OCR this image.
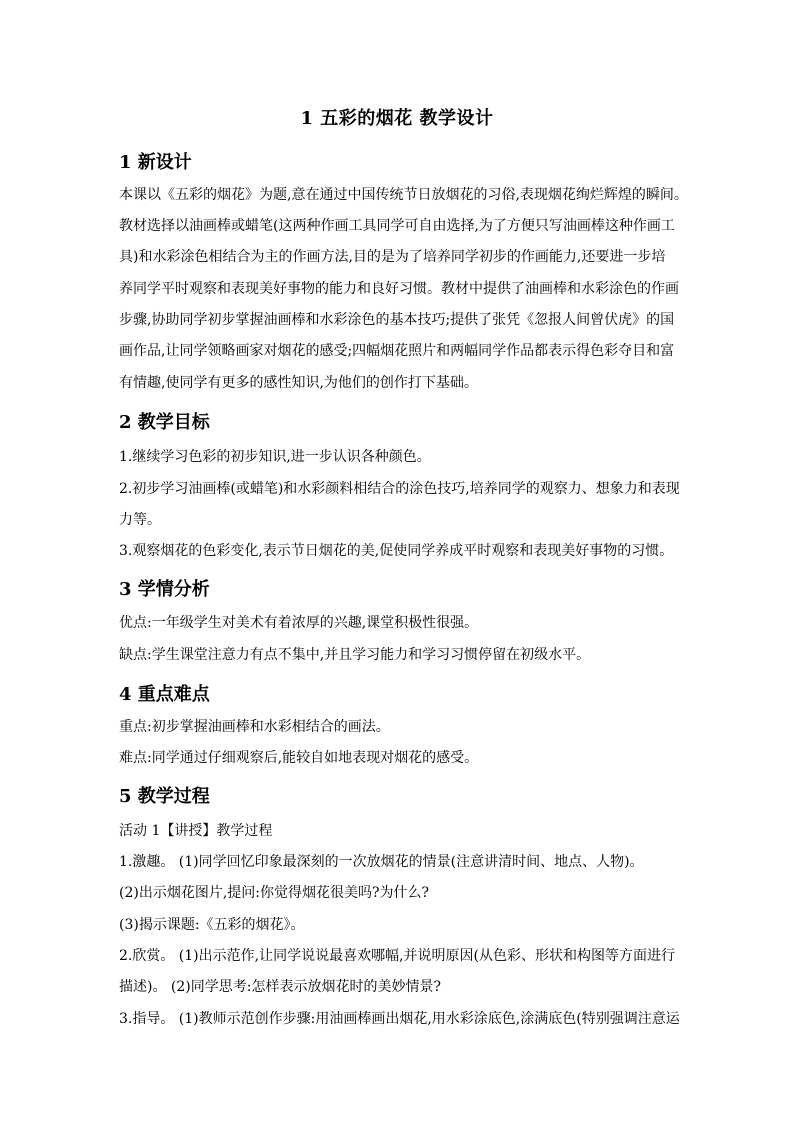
1 五彩的烟花 教学设计
1 新设计
本课以《五彩的烟花》为题,意在通过中国传统节日放烟花的习俗,表现烟花绚烂辉煌的瞬间。
教材选择以油画棒或蜡笔(这两种作画工具同学可自由选择,为了方便只写油画棒这种作画工
具)和水彩涂色相结合为主的作画方法,目的是为了培养同学初步的作画能力,还要进一步培
养同学平时观察和表现美好事物的能力和良好习惯。教材中提供了油画棒和水彩涂色的作画
步骤,协助同学初步掌握油画棒和水彩涂色的基本技巧;提供了张凭《忽报人间曾伏虎》的国
画作品,让同学领略画家对烟花的感受;四幅烟花照片和两幅同学作品都表示得色彩夺目和富
有情趣,使同学有更多的感性知识,为他们的创作打下基础。
2 教学目标
1.继续学习色彩的初步知识,进一步认识各种颜色。
2.初步学习油画棒(或蜡笔)和水彩颜料相结合的涂色技巧,培养同学的观察力、想象力和表现
力等。
3.观察烟花的色彩变化,表示节日烟花的美,促使同学养成平时观察和表现美好事物的习惯。
3 学情分析
优点:一年级学生对美术有着浓厚的兴趣,课堂积极性很强。
缺点:学生课堂注意力有点不集中,并且学习能力和学习习惯停留在初级水平。
4 重点难点
重点:初步掌握油画棒和水彩相结合的画法。
难点:同学通过仔细观察后,能较自如地表现对烟花的感受。
5 教学过程
活动 1【讲授】教学过程
1.激趣。 (1)同学回忆印象最深刻的一次放烟花的情景(注意讲清时间、地点、人物)。
(2)出示烟花图片,提问:你觉得烟花很美吗?为什么?
(3)揭示课题:《五彩的烟花》。
2.欣赏。 (1)出示范作,让同学说说最喜欢哪幅,并说明原因(从色彩、形状和构图等方面进行
描述)。 (2)同学思考:怎样表示放烟花时的美妙情景?
3.指导。 (1)教师示范创作步骤:用油画棒画出烟花,用水彩涂底色,涂满底色(特别强调注意运
